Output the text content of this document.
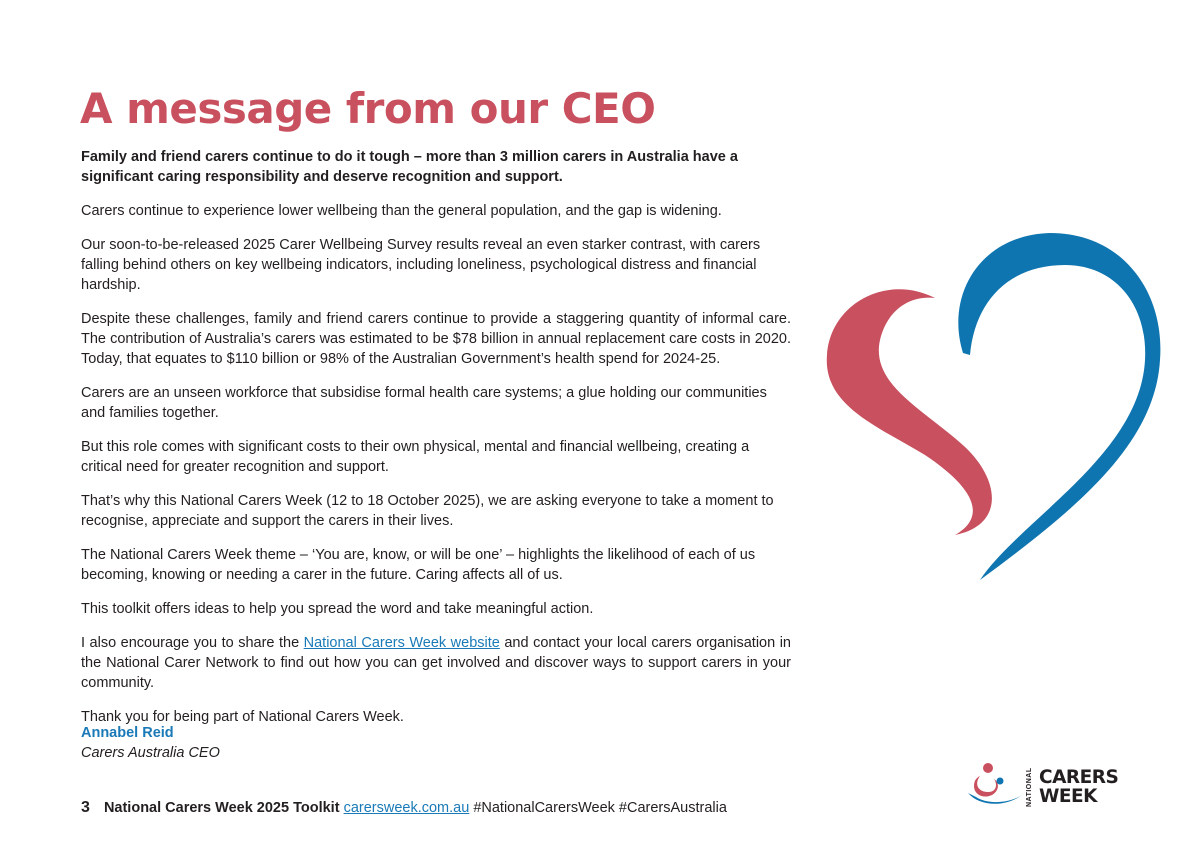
A message from our CEO

Family and friend carers continue to do it tough – more than 3 million carers in Australia have a significant caring responsibility and deserve recognition and support.

Carers continue to experience lower wellbeing than the general population, and the gap is widening.

Our soon-to-be-released 2025 Carer Wellbeing Survey results reveal an even starker contrast, with carers falling behind others on key wellbeing indicators, including loneliness, psychological distress and financial hardship.

Despite these challenges, family and friend carers continue to provide a staggering quantity of informal care. The contribution of Australia’s carers was estimated to be $78 billion in annual replacement care costs in 2020. Today, that equates to $110 billion or 98% of the Australian Government’s health spend for 2024-25.

Carers are an unseen workforce that subsidise formal health care systems; a glue holding our communities and families together.

But this role comes with significant costs to their own physical, mental and financial wellbeing, creating a critical need for greater recognition and support.

That’s why this National Carers Week (12 to 18 October 2025), we are asking everyone to take a moment to recognise, appreciate and support the carers in their lives.

The National Carers Week theme – ‘You are, know, or will be one’ – highlights the likelihood of each of us becoming, knowing or needing a carer in the future. Caring affects all of us.

This toolkit offers ideas to help you spread the word and take meaningful action.

I also encourage you to share the National Carers Week website and contact your local carers organisation in the National Carer Network to find out how you can get involved and discover ways to support carers in your community.

Thank you for being part of National Carers Week.

Annabel Reid
Carers Australia CEO
3 National Carers Week 2025 Toolkit carersweek.com.au #NationalCarersWeek #CarersAustralia
NATIONAL CARERS
WEEK
